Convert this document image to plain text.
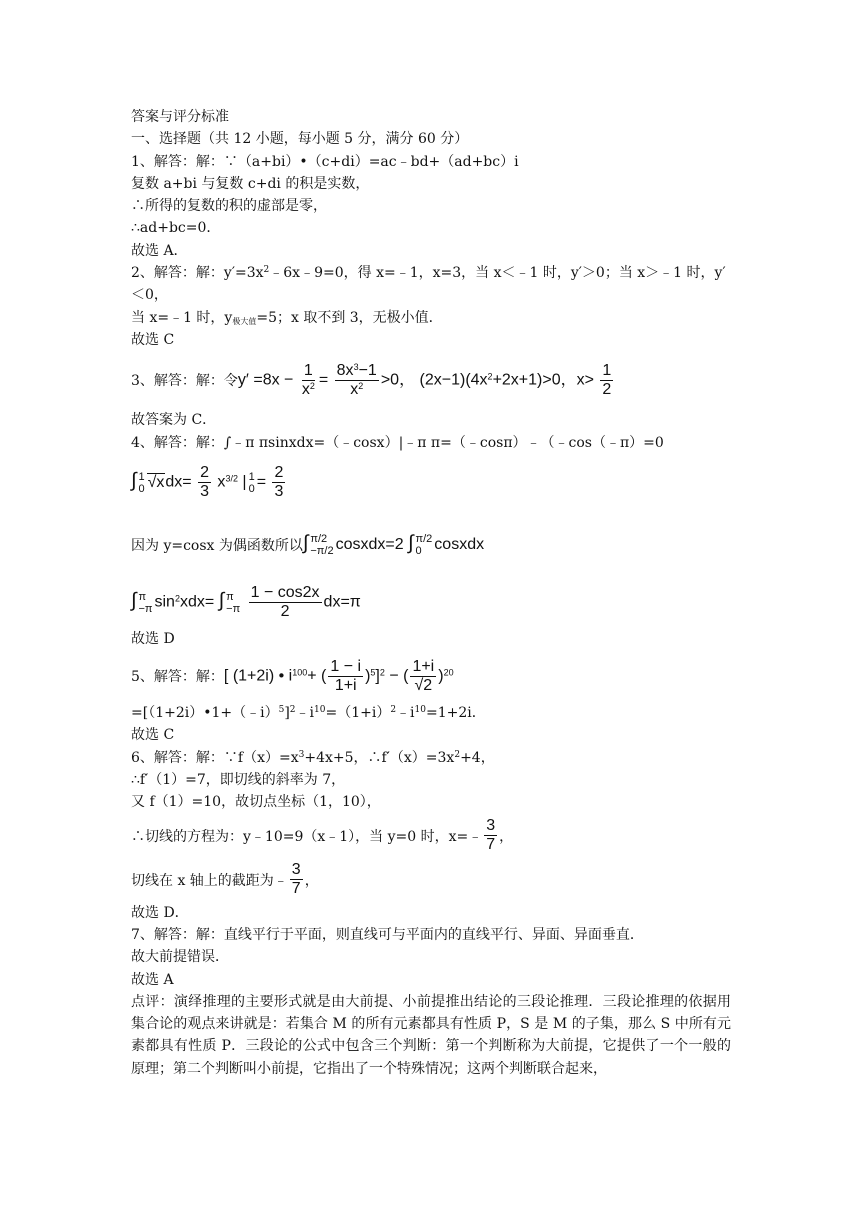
答案与评分标准
一、选择题（共 12 小题，每小题 5 分，满分 60 分）
1、解答：解：∵（a+bi）•（c+di）=ac﹣bd+（ad+bc）i
复数 a+bi 与复数 c+di 的积是实数，
∴所得的复数的积的虚部是零，
∴ad+bc=0．
故选 A．
2、解答：解：$y'=3x^2﹣6x﹣9=0$，得 x=﹣1，x=3，当 x＜﹣1 时，y′＞0；当 x＞﹣1 时，y′
＜0，
当 x=﹣1 时，$y_{极大值}=5$；x 取不到 3，无极小值．
故选 C
3、解答：解：令 $y' =8x - \frac{1}{x^2} = \frac{8x^3-1}{x^2} >0$， $(2x-1)(4x^2+2x+1)>0$，$x> \frac{1}{2}$
故答案为 C．
4、解答：解：∫﹣π πsinxdx=（﹣cosx）|﹣π π=（﹣cosπ）﹣（﹣cos（﹣π）=0
∫ 1
0 $√xdx= \frac{2}{3} x^{3/2}$ | 1
$0 = \frac{2}{3}$
因为 y=cosx 为偶函数所以 ∫ π/2
−π/2 cosxdx=2 ∫ π/2
0 cosxdx
∫ π
−π $\sin^2xdx=$ ∫ π
−π
$\frac{1 - \cos 2x}{2} dx=\pi$
故选 D
5、解答：解： [ (1+2i) • $i^{100}+$ ( $\frac{1 - i}{1+i} )^5]^2$ − ( $\frac{1+i}{√2} )^{20}$
$=[(1+2i)•1+(﹣i)^5]^2﹣i^{10}=(1+i)^2﹣i^{10}=1+2i$．
故选 C
6、解答：解：$\because f(x)=x^3+4x+5$，$\therefore f'(x)=3x^2+4$，
∴f′（1）=7，即切线的斜率为 7，
又 f（1）=10，故切点坐标（1，10），
∴切线的方程为：y﹣10=9（x﹣1），当 y=0 时，x=﹣ $\frac{3}{7}$ ，
切线在 x 轴上的截距为﹣ $\frac{3}{7}$ ，
故选 D．
7、解答：解：直线平行于平面，则直线可与平面内的直线平行、异面、异面垂直．
故大前提错误．
故选 A
点评：演绎推理的主要形式就是由大前提、小前提推出结论的三段论推理．三段论推理的依据用集合论的观点来讲就是：若集合 M 的所有元素都具有性质 P，S 是 M 的子集，那么 S 中所有元素都具有性质 P．三段论的公式中包含三个判断：第一个判断称为大前提，它提供了一个一般的原理；第二个判断叫小前提，它指出了一个特殊情况；这两个判断联合起来，
